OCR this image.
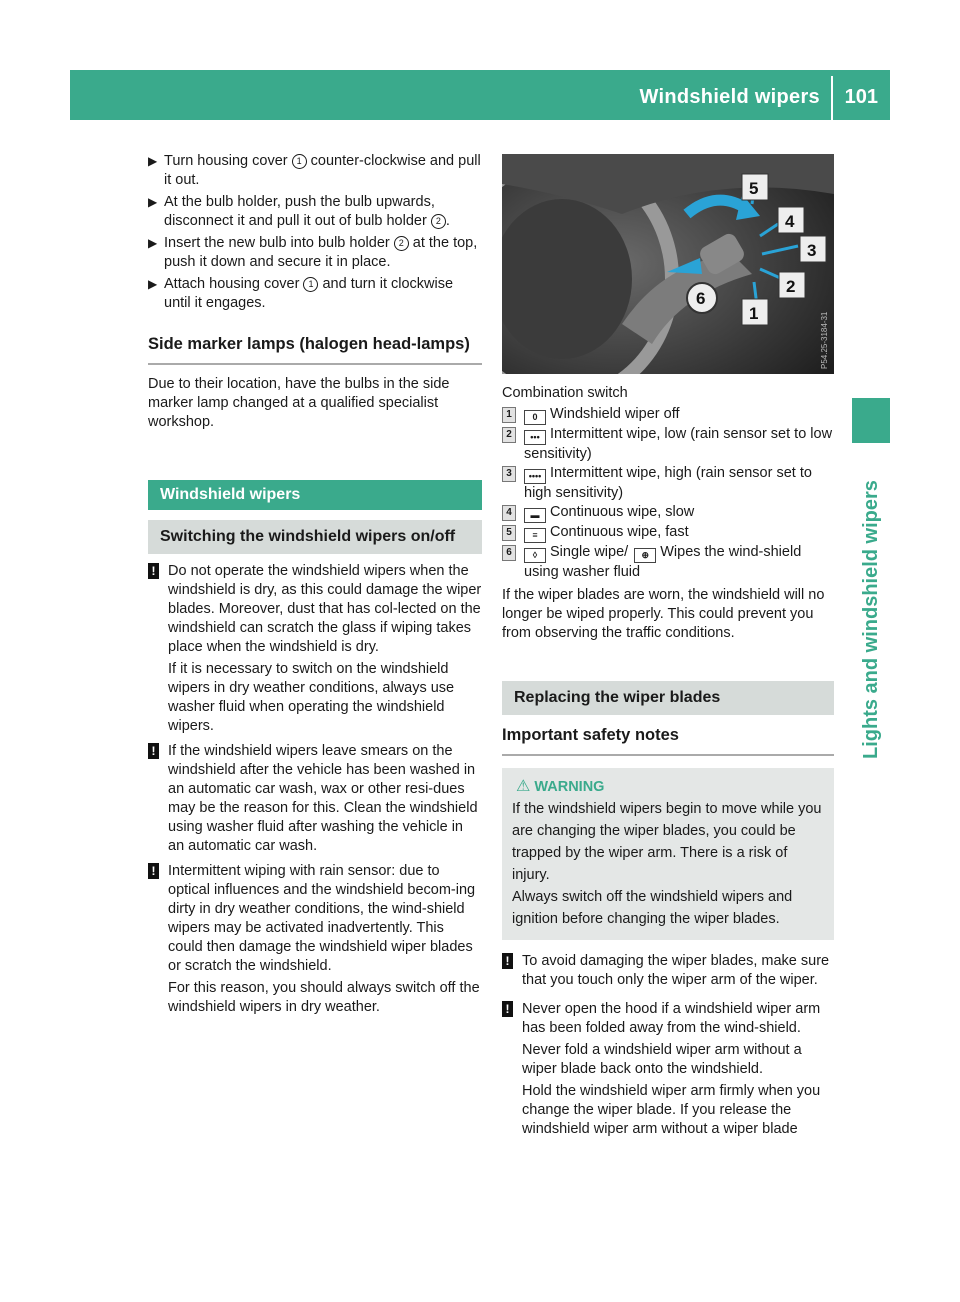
Windshield wipers 101
Lights and windshield wipers
▶ Turn housing cover 1 counter-clockwise and pull it out.
▶ At the bulb holder, push the bulb upwards, disconnect it and pull it out of bulb holder 2 .
▶ Insert the new bulb into bulb holder 2 at the top, push it down and secure it in place.
▶ Attach housing cover 1 and turn it clockwise until it engages.
Side marker lamps (halogen head-lamps)

Due to their location, have the bulbs in the side marker lamp changed at a qualified specialist workshop.

Windshield wipers
Switching the windshield wipers on/off
! Do not operate the windshield wipers when the windshield is dry, as this could damage the wiper blades. Moreover, dust that has col-lected on the windshield can scratch the glass if wiping takes place when the windshield is dry.

If it is necessary to switch on the windshield wipers in dry weather conditions, always use washer fluid when operating the windshield wipers.

! If the windshield wipers leave smears on the windshield after the vehicle has been washed in an automatic car wash, wax or other resi-dues may be the reason for this. Clean the windshield using washer fluid after washing the vehicle in an automatic car wash.

! Intermittent wiping with rain sensor: due to optical influences and the windshield becom-ing dirty in dry weather conditions, the wind-shield wipers may be activated inadvertently. This could then damage the windshield wiper blades or scratch the windshield.

For this reason, you should always switch off the windshield wipers in dry weather.

5
4
3
2
1
6
P54.25-3184-31

Combination switch

1	0 Windshield wiper off
2	••• Intermittent wipe, low (rain sensor set to low sensitivity)
3	•••• Intermittent wipe, high (rain sensor set to high sensitivity)
4	▬ Continuous wipe, slow
5	≡ Continuous wipe, fast
6	◊ Single wipe/ ⊕ Wipes the wind-shield using washer fluid

If the wiper blades are worn, the windshield will no longer be wiped properly. This could prevent you from observing the traffic conditions.

Replacing the wiper blades
Important safety notes
⚠ WARNING

If the windshield wipers begin to move while you are changing the wiper blades, you could be trapped by the wiper arm. There is a risk of injury.

Always switch off the windshield wipers and ignition before changing the wiper blades.

! To avoid damaging the wiper blades, make sure that you touch only the wiper arm of the wiper.

! Never open the hood if a windshield wiper arm has been folded away from the wind-shield.

Never fold a windshield wiper arm without a wiper blade back onto the windshield.

Hold the windshield wiper arm firmly when you change the wiper blade. If you release the windshield wiper arm without a wiper blade
